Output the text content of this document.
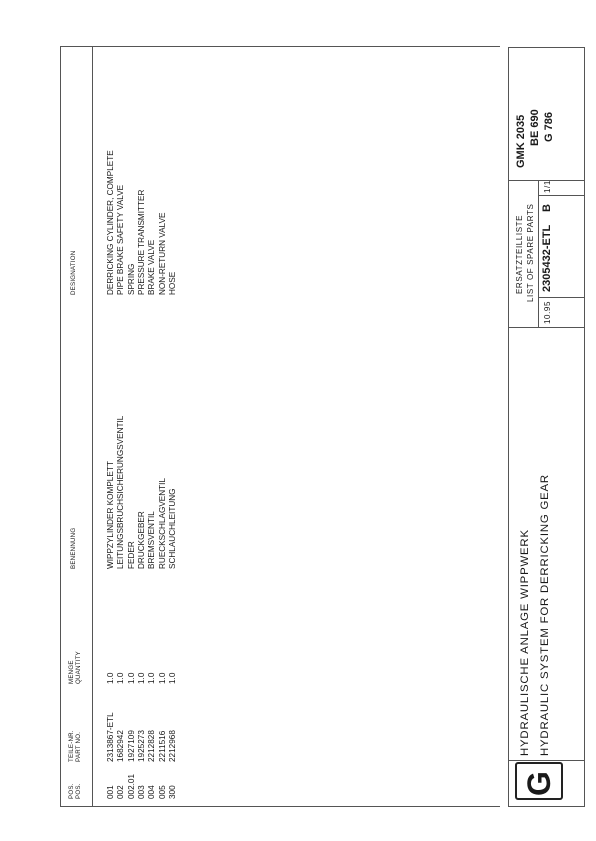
POS. POS.
TEILE-NR. PART NO.
MENGE QUANTITY
BENENNUNG
DESIGNATION
001 002 002.01 003 004 005 300
2313867-ETL 1682942 1927109 1925273 2212828 2211516 2212968
1.0 1.0 1.0 1.0 1.0 1.0 1.0
WIPPZYLINDER KOMPLETT LEITUNGSBRUCHSICHERUNGSVENTIL FEDER DRUCKGEBER BREMSVENTIL RUECKSCHLAGVENTIL SCHLAUCHLEITUNG
DERRICKING CYLINDER, COMPLETE PIPE BRAKE SAFETY VALVE SPRING PRESSURE TRANSMITTER BRAKE VALVE NON-RETURN VALVE HOSE
G
HYDRAULISCHE ANLAGE WIPPWERK HYDRAULIC SYSTEM FOR DERRICKING GEAR
ERSATZTEILLISTE LIST OF SPARE PARTS
10.95
2305432-ETL
B
1/1
GMK 2035 BE 690 G 786
